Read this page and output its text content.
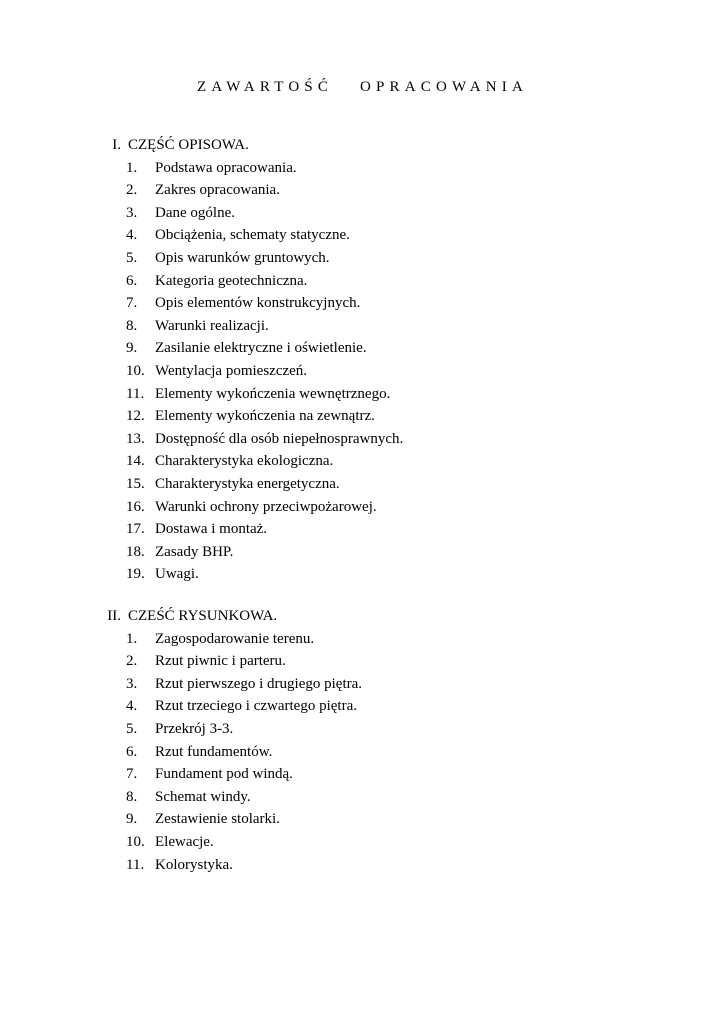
ZAWARTOŚĆ   OPRACOWANIA
I. CZĘŚĆ OPISOWA.
1. Podstawa opracowania.
2. Zakres opracowania.
3. Dane ogólne.
4. Obciążenia, schematy statyczne.
5. Opis warunków gruntowych.
6. Kategoria geotechniczna.
7. Opis elementów konstrukcyjnych.
8. Warunki realizacji.
9. Zasilanie elektryczne i oświetlenie.
10. Wentylacja pomieszczeń.
11. Elementy wykończenia wewnętrznego.
12. Elementy wykończenia na zewnątrz.
13. Dostępność dla osób niepełnosprawnych.
14. Charakterystyka ekologiczna.
15. Charakterystyka energetyczna.
16. Warunki ochrony przeciwpożarowej.
17. Dostawa i montaż.
18. Zasady BHP.
19. Uwagi.
II. CZEŚĆ RYSUNKOWA.
1. Zagospodarowanie terenu.
2. Rzut piwnic i parteru.
3. Rzut pierwszego i drugiego piętra.
4. Rzut trzeciego i czwartego piętra.
5. Przekrój 3-3.
6. Rzut fundamentów.
7. Fundament pod windą.
8. Schemat windy.
9. Zestawienie stolarki.
10. Elewacje.
11. Kolorystyka.
